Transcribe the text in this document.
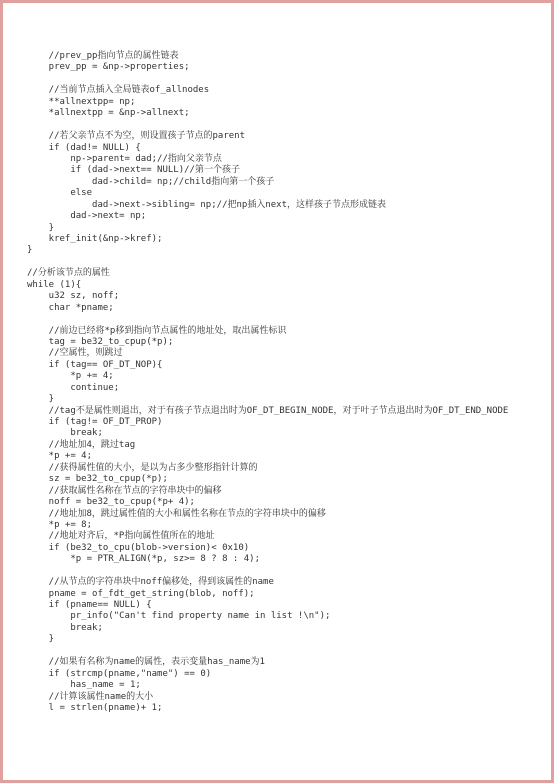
//prev_pp指向节点的属性链表
prev_pp = &np->properties;
//当前节点插入全局链表of_allnodes
**allnextpp= np;
*allnextpp = &np->allnext;
//若父亲节点不为空，则设置孩子节点的parent
if (dad!= NULL) {
np->parent= dad;//指向父亲节点
if (dad->next== NULL)//第一个孩子
dad->child= np;//child指向第一个孩子
else
dad->next->sibling= np;//把np插入next，这样孩子节点形成链表
dad->next= np;
}
kref_init(&np->kref);
}
//分析该节点的属性
while (1){
u32 sz, noff;
char *pname;
//前边已经将*p移到指向节点属性的地址处，取出属性标识
tag = be32_to_cpup(*p);
//空属性，则跳过
if (tag== OF_DT_NOP){
*p += 4;
continue;
}
//tag不是属性则退出，对于有孩子节点退出时为OF_DT_BEGIN_NODE，对于叶子节点退出时为OF_DT_END_NODE
if (tag!= OF_DT_PROP)
break;
//地址加4，跳过tag
*p += 4;
//获得属性值的大小，是以为占多少整形指针计算的
sz = be32_to_cpup(*p);
//获取属性名称在节点的字符串块中的偏移
noff = be32_to_cpup(*p+ 4);
//地址加8，跳过属性值的大小和属性名称在节点的字符串块中的偏移
*p += 8;
//地址对齐后，*P指向属性值所在的地址
if (be32_to_cpu(blob->version)< 0x10)
*p = PTR_ALIGN(*p, sz>= 8 ? 8 : 4);
//从节点的字符串块中noff偏移处，得到该属性的name
pname = of_fdt_get_string(blob, noff);
if (pname== NULL) {
pr_info("Can't find property name in list !\n");
break;
}
//如果有名称为name的属性，表示变量has_name为1
if (strcmp(pname,"name") == 0)
has_name = 1;
//计算该属性name的大小
l = strlen(pname)+ 1;
